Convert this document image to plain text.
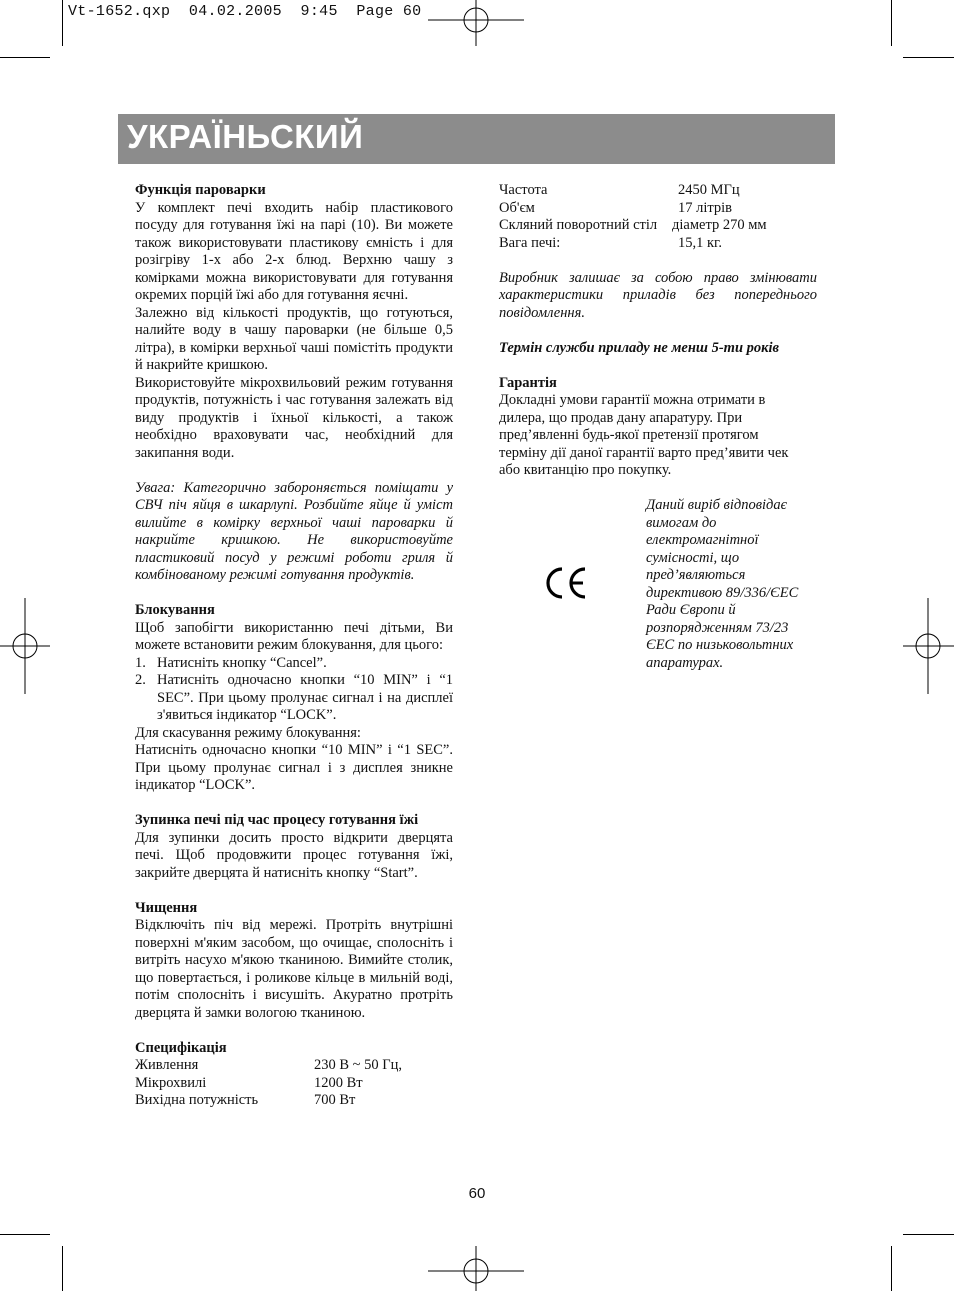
Vt-1652.qxp  04.02.2005  9:45  Page 60
УКРАЇНЬСКИЙ

Функція пароварки

У комплект печі входить набір пластикового посуду для готування їжі на парі (10). Ви можете також використовувати пластикову ємність і для розігріву 1-х або 2-х блюд. Верхню чашу з комірками можна використовувати для готування окремих порцій їжі або для готування яєчні.

Залежно від кількості продуктів, що готуються, налийте воду в чашу пароварки (не більше 0,5 літра), в комірки верхньої чаші помістіть продукти й накрийте кришкою.

Використовуйте мікрохвильовий режим готування продуктів, потужність і час готування залежать від виду продуктів і їхньої кількості, а також необхідно враховувати час, необхідний для закипання води.

Увага: Категорично забороняється поміщати у СВЧ піч яйця в шкарлупі. Розбийте яйце й уміст вилийте в комірку верхньої чаші пароварки й накрийте кришкою. Не використовуйте пластиковий посуд у режимі роботи гриля й комбінованому режимі готування продуктів.

Блокування

Щоб запобігти використанню печі дітьми, Ви можете встановити режим блокування, для цього:

1. Натисніть кнопку “Cancel”.
2. Натисніть одночасно кнопки “10 MIN” і “1 SEC”. При цьому пролунає сигнал і на дисплеї з'явиться індикатор “LOCK”.

Для скасування режиму блокування:

Натисніть одночасно кнопки “10 MIN” і “1 SEC”. При цьому пролунає сигнал і з дисплея зникне індикатор “LOCK”.

Зупинка печі під час процесу готування їжі

Для зупинки досить просто відкрити дверцята печі. Щоб продовжити процес готування їжі, закрийте дверцята й натисніть кнопку “Start”.

Чищення

Відключіть піч від мережі. Протріть внутрішні поверхні м'яким засобом, що очищає, сполосніть і витріть насухо м'якою тканиною. Вимийте столик, що повертається, і роликове кільце в мильній воді, потім сполосніть і висушіть. Акуратно протріть дверцята й замки вологою тканиною.

Специфікація

Живлення	230 В ~ 50 Гц,
Мікрохвилі	1200 Вт
Вихідна потужність	700 Вт
Частота	2450 МГц
Об'єм	17 літрів
Скляний поворотний стіл	діаметр 270 мм
Вага печі:	15,1 кг.

Виробник залишає за собою право змінювати характеристики приладів без попереднього повідомлення.

Термін служби приладу не менш 5-ти років

Гарантія

Докладні умови гарантії можна отримати в

дилера, що продав дану апаратуру. При

пред’явленні будь-якої претензії протягом

терміну дії даної гарантії варто пред’явити чек

або квитанцію про покупку.

Даний виріб відповідає

вимогам до

електромагнітної

сумісності, що

пред’являються

директивою 89/336/ЄЕС

Ради Європи й

розпорядженням 73/23

ЄЕС по низьковольтних

апаратурах.

60
